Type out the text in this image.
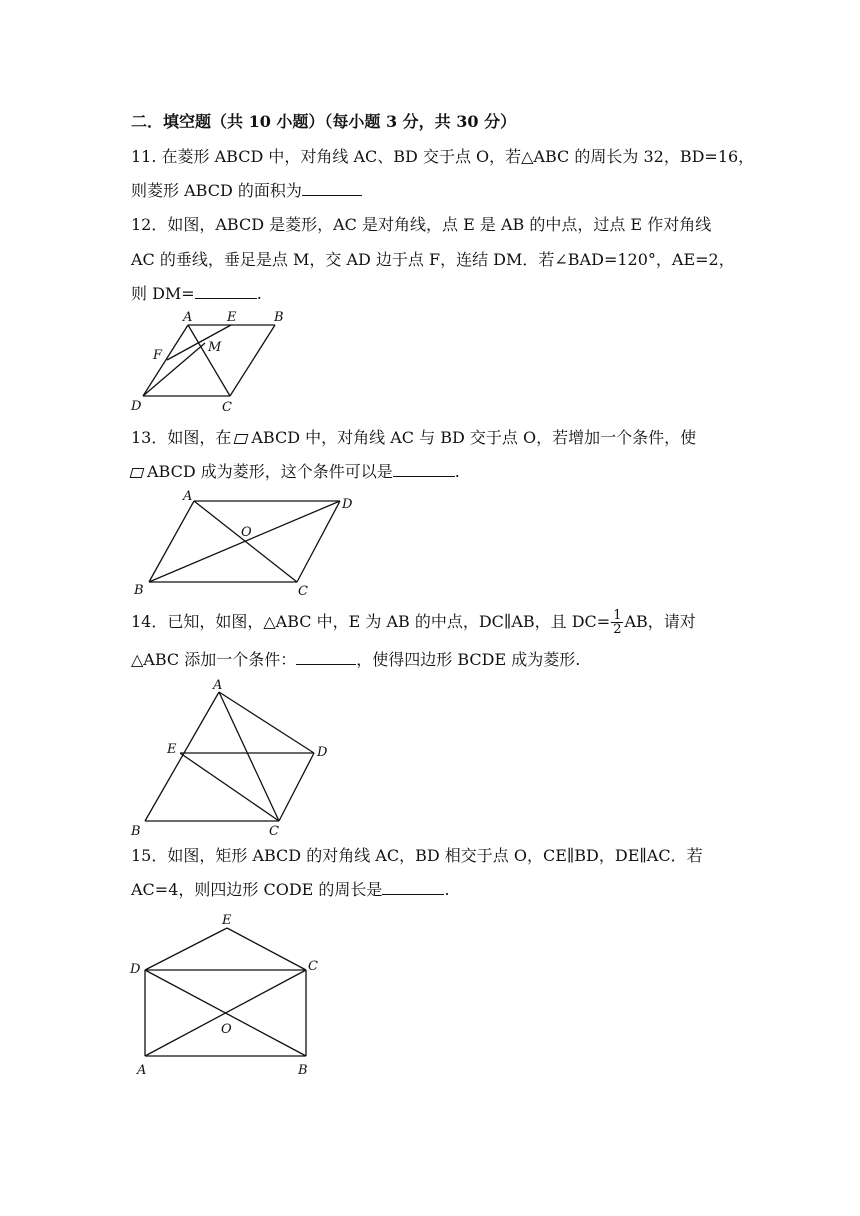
二．填空题（共 10 小题）（每小题 3 分，共 30 分）
11. 在菱形 ABCD 中，对角线 AC、BD 交于点 O，若△ABC 的周长为 32，BD=16，
则菱形 ABCD 的面积为
12．如图，ABCD 是菱形，AC 是对角线，点 E 是 AB 的中点，过点 E 作对角线
AC 的垂线，垂足是点 M，交 AD 边于点 F，连结 DM．若∠BAD=120°，AE=2，
则 DM=	.
A	E	B
F
M
D	C
13．如图，在 ABCD 中，对角线 AC 与 BD 交于点 O，若增加一个条件，使
ABCD 成为菱形，这个条件可以是	.
A
D
O
B	C
14．已知，如图，△ABC 中，E 为 AB 的中点，DC∥AB，且 $DC= \frac{1}{2}$ AB，请对
△ABC 添加一个条件：	，使得四边形 BCDE 成为菱形.
A
E	D
B	C
15．如图，矩形 ABCD 的对角线 AC，BD 相交于点 O，CE∥BD，DE∥AC．若
AC=4，则四边形 CODE 的周长是	.
E
D	C
O
A	B
